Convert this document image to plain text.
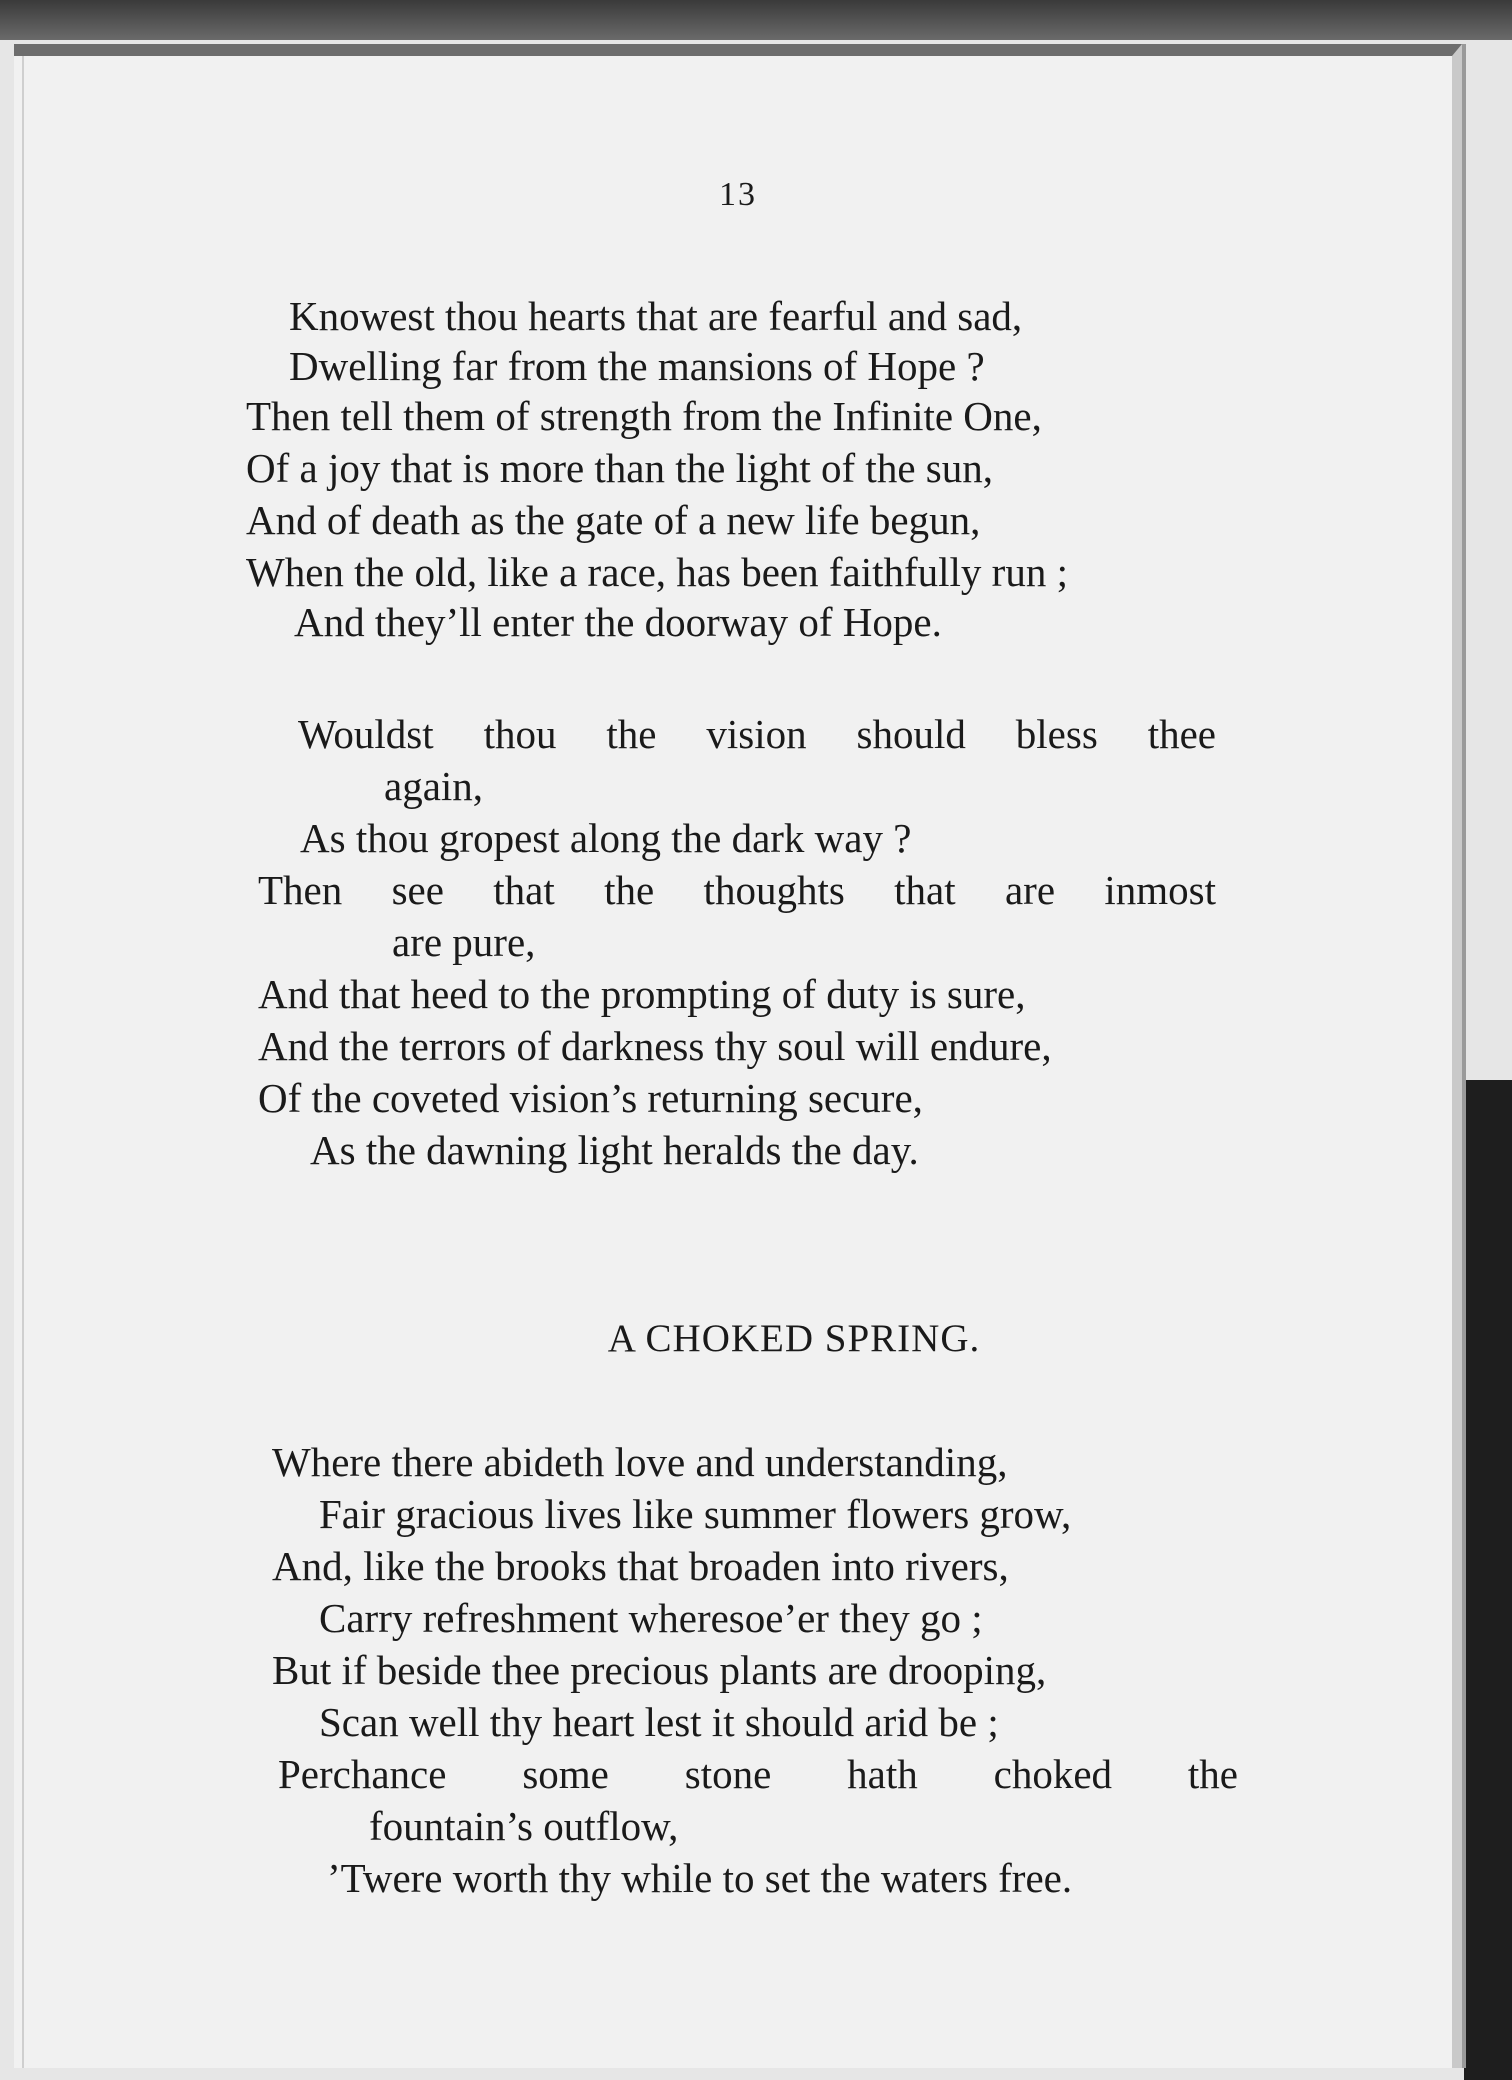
13
Knowest thou hearts that are fearful and sad,
Dwelling far from the mansions of Hope ?
Then tell them of strength from the Infinite One,
Of a joy that is more than the light of the sun,
And of death as the gate of a new life begun,
When the old, like a race, has been faithfully run ;
And they’ll enter the doorway of Hope.
Wouldst thou the vision should bless thee
again,
As thou gropest along the dark way ?
Then see that the thoughts that are inmost
are pure,
And that heed to the prompting of duty is sure,
And the terrors of darkness thy soul will endure,
Of the coveted vision’s returning secure,
As the dawning light heralds the day.
A CHOKED SPRING.
Where there abideth love and understanding,
Fair gracious lives like summer flowers grow,
And, like the brooks that broaden into rivers,
Carry refreshment wheresoe’er they go ;
But if beside thee precious plants are drooping,
Scan well thy heart lest it should arid be ;
Perchance some stone hath choked the
fountain’s outflow,
’Twere worth thy while to set the waters free.
